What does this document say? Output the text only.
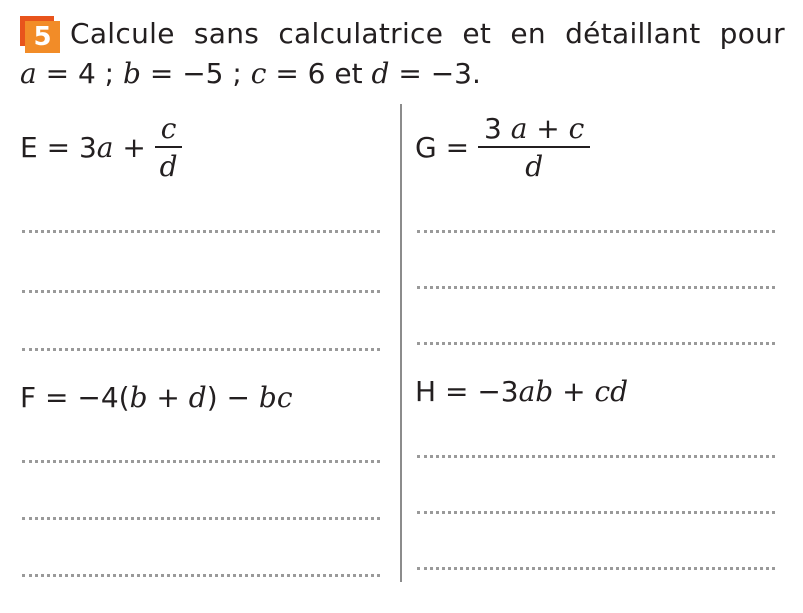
5 Calcule sans calculatrice et en détaillant pour
a = 4 ; b = −5 ; c = 6 et d = −3.
$E = 3a + \frac{c}{d}$	$G = \frac{3 a + c}{d}$
F = −4(b + d) − bc	H = −3ab + cd
